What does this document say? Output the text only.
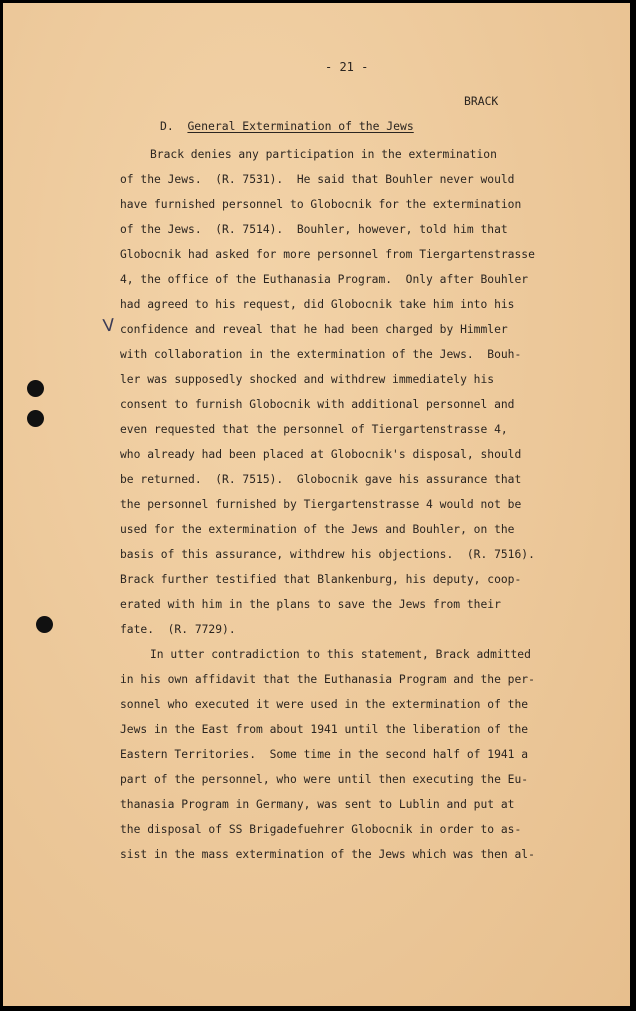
- 21 -
BRACK
D. General Extermination of the Jews
V
Brack denies any participation in the extermination
of the Jews.  (R. 7531).  He said that Bouhler never would
have furnished personnel to Globocnik for the extermination
of the Jews.  (R. 7514).  Bouhler, however, told him that
Globocnik had asked for more personnel from Tiergartenstrasse
4, the office of the Euthanasia Program.  Only after Bouhler
had agreed to his request, did Globocnik take him into his
confidence and reveal that he had been charged by Himmler
with collaboration in the extermination of the Jews.  Bouh-
ler was supposedly shocked and withdrew immediately his
consent to furnish Globocnik with additional personnel and
even requested that the personnel of Tiergartenstrasse 4,
who already had been placed at Globocnik's disposal, should
be returned.  (R. 7515).  Globocnik gave his assurance that
the personnel furnished by Tiergartenstrasse 4 would not be
used for the extermination of the Jews and Bouhler, on the
basis of this assurance, withdrew his objections.  (R. 7516).
Brack further testified that Blankenburg, his deputy, coop-
erated with him in the plans to save the Jews from their
fate.  (R. 7729).
In utter contradiction to this statement, Brack admitted
in his own affidavit that the Euthanasia Program and the per-
sonnel who executed it were used in the extermination of the
Jews in the East from about 1941 until the liberation of the
Eastern Territories.  Some time in the second half of 1941 a
part of the personnel, who were until then executing the Eu-
thanasia Program in Germany, was sent to Lublin and put at
the disposal of SS Brigadefuehrer Globocnik in order to as-
sist in the mass extermination of the Jews which was then al-
